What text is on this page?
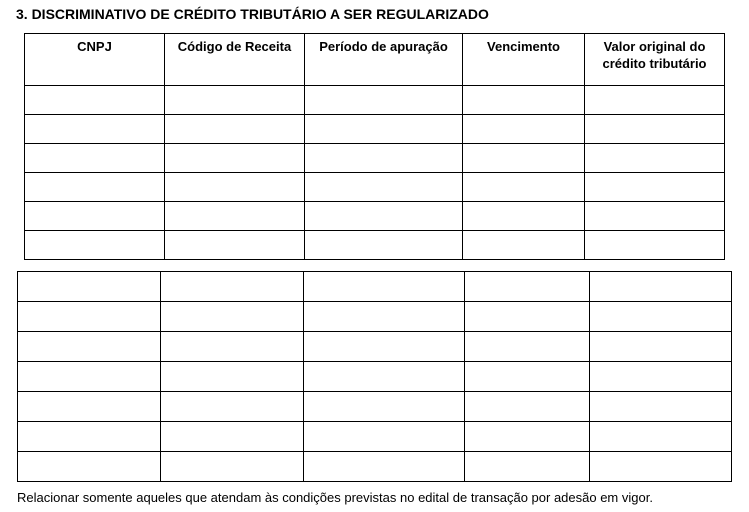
3. DISCRIMINATIVO DE CRÉDITO TRIBUTÁRIO A SER REGULARIZADO
CNPJ	Código de Receita	Período de apuração	Vencimento	Valor original do crédito tributário

Relacionar somente aqueles que atendam às condições previstas no edital de transação por adesão em vigor.
